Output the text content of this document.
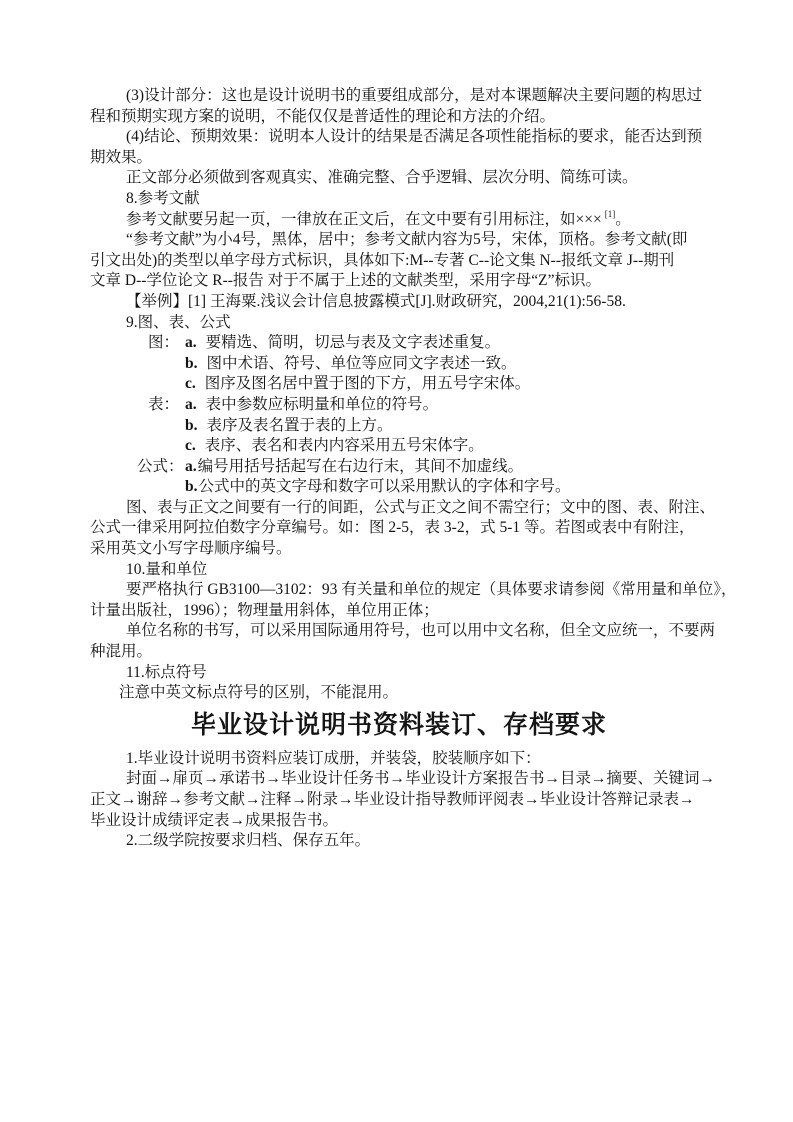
(3)设计部分：这也是设计说明书的重要组成部分，是对本课题解决主要问题的构思过
程和预期实现方案的说明，不能仅仅是普适性的理论和方法的介绍。
(4)结论、预期效果：说明本人设计的结果是否满足各项性能指标的要求，能否达到预
期效果。
正文部分必须做到客观真实、准确完整、合乎逻辑、层次分明、简练可读。
8.参考文献
参考文献要另起一页，一律放在正文后，在文中要有引用标注，如××× [1]。
“参考文献”为小4号，黑体，居中；参考文献内容为5号，宋体，顶格。参考文献(即
引文出处)的类型以单字母方式标识，具体如下:M--专著 C--论文集 N--报纸文章 J--期刊
文章 D--学位论文 R--报告 对于不属于上述的文献类型，采用字母“Z”标识。
【举例】[1] 王海粟.浅议会计信息披露模式[J].财政研究，2004,21(1):56-58.
9.图、表、公式
图： a. 要精选、简明，切忌与表及文字表述重复。
b. 图中术语、符号、单位等应同文字表述一致。
c. 图序及图名居中置于图的下方，用五号字宋体。
表： a. 表中参数应标明量和单位的符号。
b. 表序及表名置于表的上方。
c. 表序、表名和表内内容采用五号宋体字。
公式： a.编号用括号括起写在右边行末，其间不加虚线。
b.公式中的英文字母和数字可以采用默认的字体和字号。
图、表与正文之间要有一行的间距，公式与正文之间不需空行；文中的图、表、附注、
公式一律采用阿拉伯数字分章编号。如：图 2-5，表 3-2，式 5-1 等。若图或表中有附注，
采用英文小写字母顺序编号。
10.量和单位
要严格执行 GB3100—3102：93 有关量和单位的规定（具体要求请参阅《常用量和单位》，
计量出版社，1996）；物理量用斜体，单位用正体；
单位名称的书写，可以采用国际通用符号，也可以用中文名称，但全文应统一，不要两
种混用。
11.标点符号
注意中英文标点符号的区别，不能混用。
毕业设计说明书资料装订、存档要求
1.毕业设计说明书资料应装订成册，并装袋，胶装顺序如下：
封面→扉页→承诺书→毕业设计任务书→毕业设计方案报告书→目录→摘要、关键词→
正文→谢辞→参考文献→注释→附录→毕业设计指导教师评阅表→毕业设计答辩记录表→
毕业设计成绩评定表→成果报告书。
2.二级学院按要求归档、保存五年。
